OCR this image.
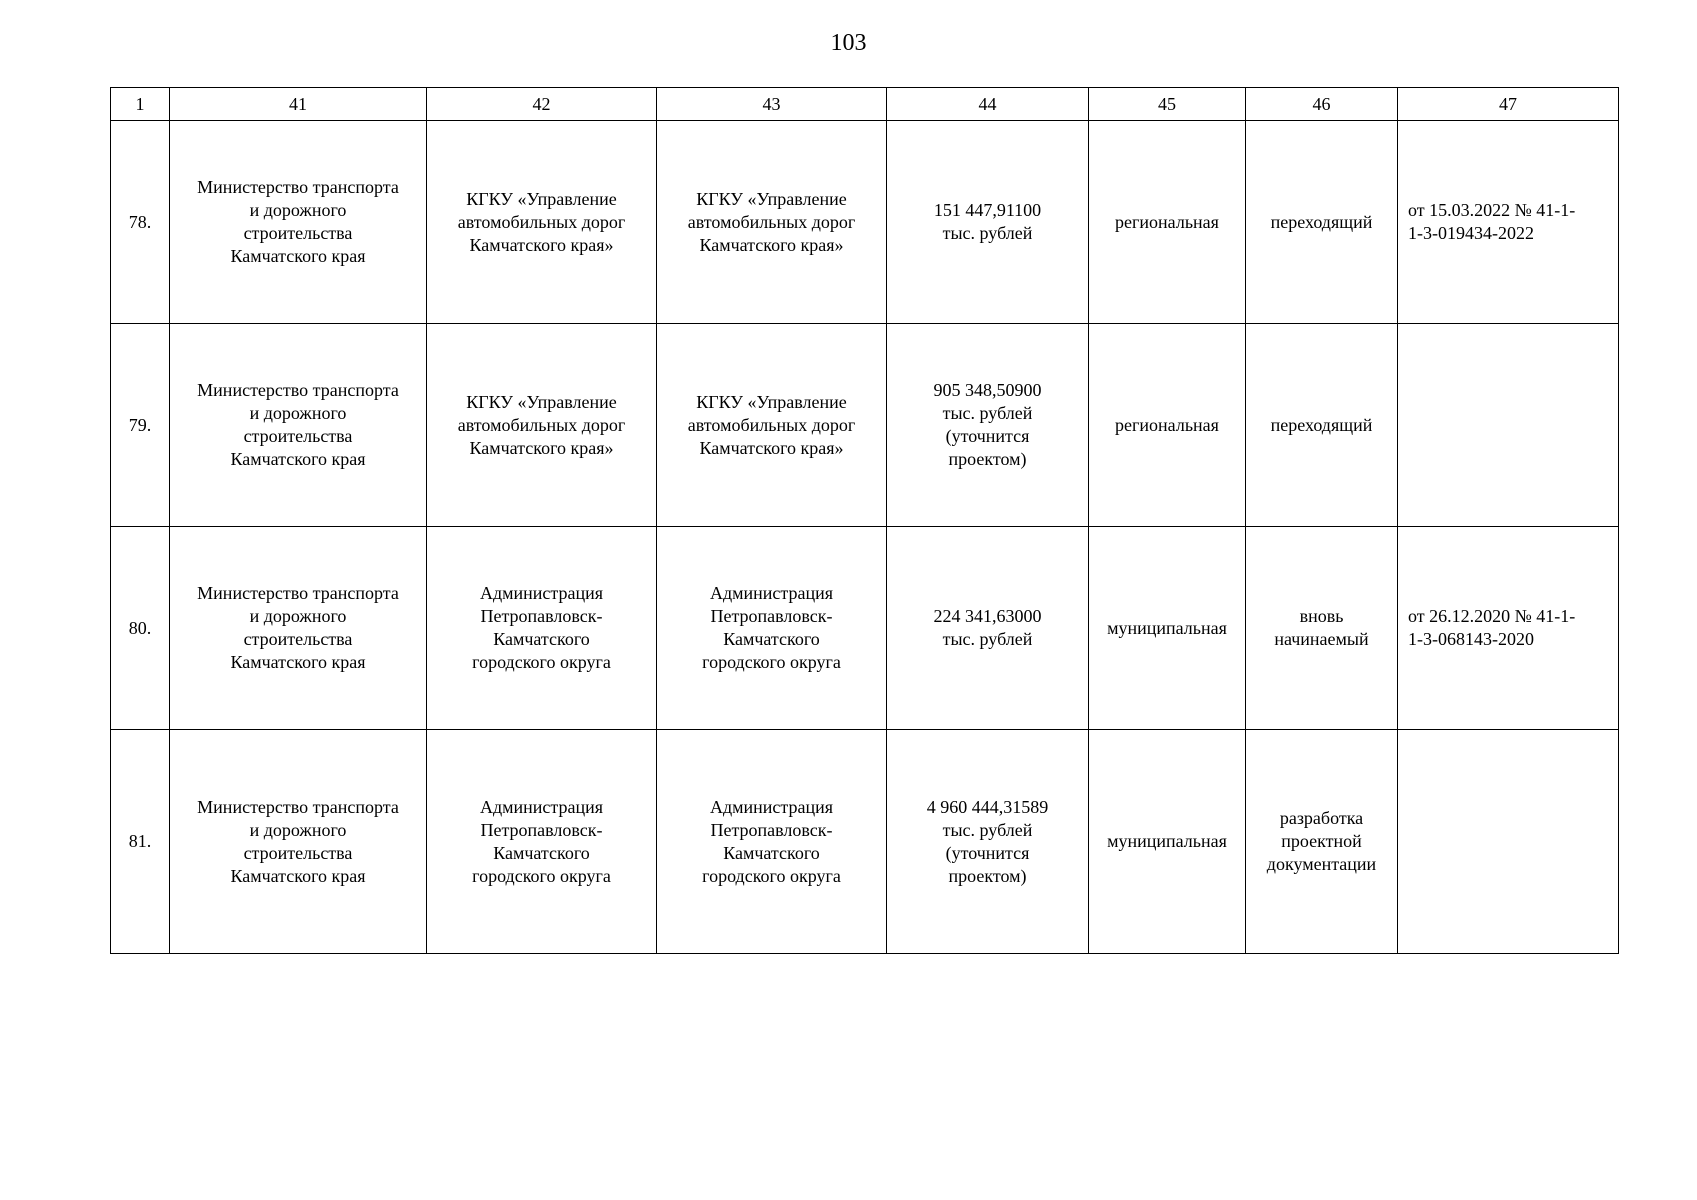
103
1	41	42	43	44	45	46	47
78.	Министерство транспорта
и дорожного
строительства
Камчатского края	КГКУ «Управление
автомобильных дорог
Камчатского края»	КГКУ «Управление
автомобильных дорог
Камчатского края»	151 447,91100
тыс. рублей	региональная	переходящий	от 15.03.2022 № 41-1-
1-3-019434-2022

79.	Министерство транспорта
и дорожного
строительства
Камчатского края	КГКУ «Управление
автомобильных дорог
Камчатского края»	КГКУ «Управление
автомобильных дорог
Камчатского края»	905 348,50900
тыс. рублей
(уточнится
проектом)	региональная	переходящий	

80.	Министерство транспорта
и дорожного
строительства
Камчатского края	Администрация
Петропавловск-
Камчатского
городского округа	Администрация
Петропавловск-
Камчатского
городского округа	224 341,63000
тыс. рублей	муниципальная	вновь
начинаемый	от 26.12.2020 № 41-1-
1-3-068143-2020

81.	Министерство транспорта
и дорожного
строительства
Камчатского края	Администрация
Петропавловск-
Камчатского
городского округа	Администрация
Петропавловск-
Камчатского
городского округа	4 960 444,31589
тыс. рублей
(уточнится
проектом)	муниципальная	разработка
проектной
документации	
